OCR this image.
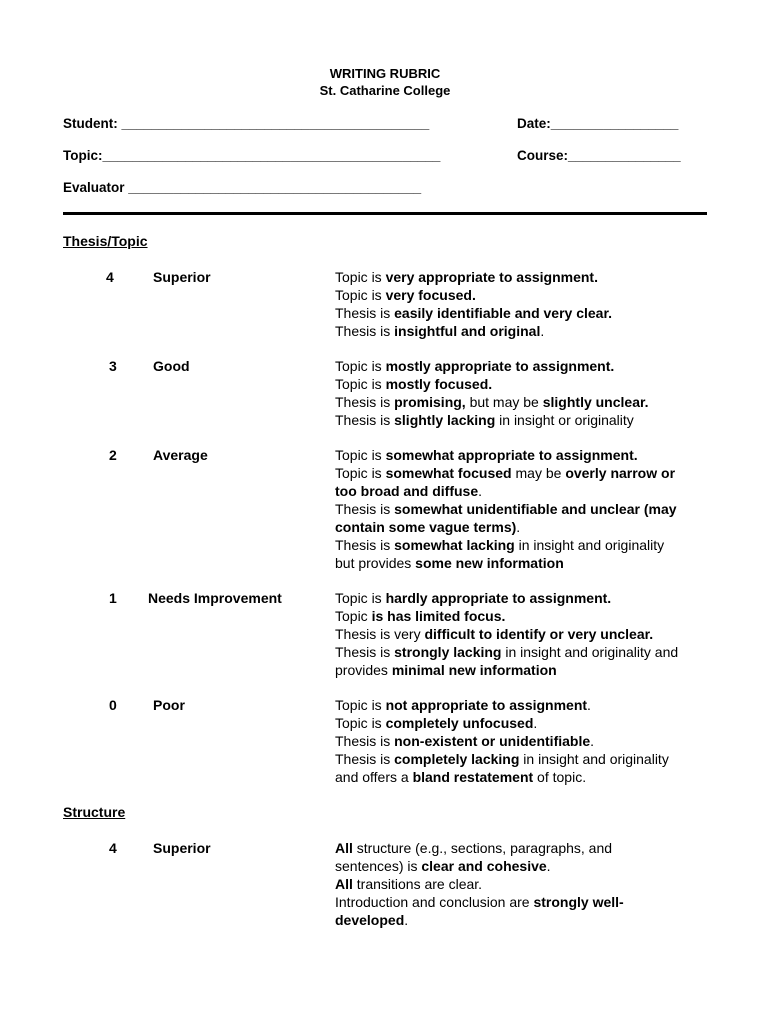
WRITING RUBRIC
St. Catharine College
Student: _________________________________________	Date:_________________
Topic:_____________________________________________	Course:_______________
Evaluator _______________________________________
Thesis/Topic
4	Superior	Topic is very appropriate to assignment.
Topic is very focused.
Thesis is easily identifiable and very clear.
Thesis is insightful and original.
3	Good	Topic is mostly appropriate to assignment.
Topic is mostly focused.
Thesis is promising, but may be slightly unclear.
Thesis is slightly lacking in insight or originality
2	Average	Topic is somewhat appropriate to assignment.
Topic is somewhat focused may be overly narrow or
too broad and diffuse.
Thesis is somewhat unidentifiable and unclear (may
contain some vague terms).
Thesis is somewhat lacking in insight and originality
but provides some new information
1 Needs Improvement	Topic is hardly appropriate to assignment.
Topic is has limited focus.
Thesis is very difficult to identify or very unclear.
Thesis is strongly lacking in insight and originality and
provides minimal new information
0	Poor	Topic is not appropriate to assignment.
Topic is completely unfocused.
Thesis is non-existent or unidentifiable.
Thesis is completely lacking in insight and originality
and offers a bland restatement of topic.
Structure
4	Superior	All structure (e.g., sections, paragraphs, and
sentences) is clear and cohesive.
All transitions are clear.
Introduction and conclusion are strongly well-
developed.
